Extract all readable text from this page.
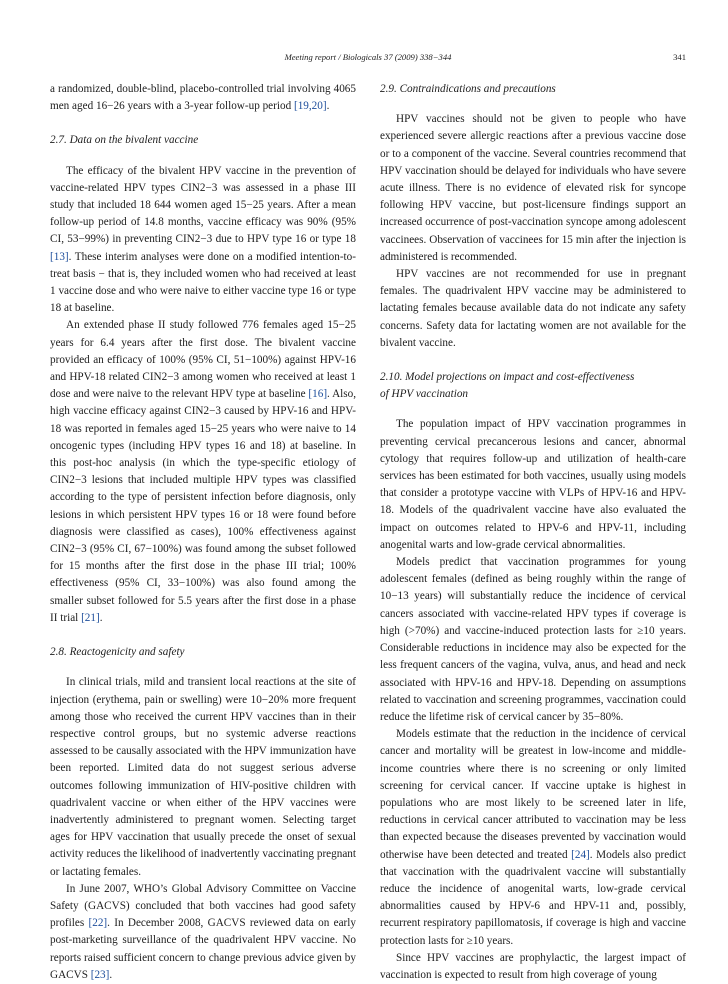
Meeting report / Biologicals 37 (2009) 338−344	341

a randomized, double-blind, placebo-controlled trial involving 4065 men aged 16−26 years with a 3-year follow-up period [19,20].

2.7. Data on the bivalent vaccine

The efficacy of the bivalent HPV vaccine in the prevention of vaccine-related HPV types CIN2−3 was assessed in a phase III study that included 18 644 women aged 15−25 years. After a mean follow-up period of 14.8 months, vaccine efficacy was 90% (95% CI, 53−99%) in preventing CIN2−3 due to HPV type 16 or type 18 [13]. These interim analyses were done on a modified intention-to-treat basis − that is, they included women who had received at least 1 vaccine dose and who were naive to either vaccine type 16 or type 18 at baseline.

An extended phase II study followed 776 females aged 15−25 years for 6.4 years after the first dose. The bivalent vaccine provided an efficacy of 100% (95% CI, 51−100%) against HPV-16 and HPV-18 related CIN2−3 among women who received at least 1 dose and were naive to the relevant HPV type at baseline [16]. Also, high vaccine efficacy against CIN2−3 caused by HPV-16 and HPV-18 was reported in females aged 15−25 years who were naive to 14 oncogenic types (including HPV types 16 and 18) at baseline. In this post-hoc analysis (in which the type-specific etiology of CIN2−3 lesions that included multiple HPV types was classified according to the type of persistent infection before diagnosis, only lesions in which persistent HPV types 16 or 18 were found before diagnosis were classified as cases), 100% effectiveness against CIN2−3 (95% CI, 67−100%) was found among the subset followed for 15 months after the first dose in the phase III trial; 100% effectiveness (95% CI, 33−100%) was also found among the smaller subset followed for 5.5 years after the first dose in a phase II trial [21].

2.8. Reactogenicity and safety

In clinical trials, mild and transient local reactions at the site of injection (erythema, pain or swelling) were 10−20% more frequent among those who received the current HPV vaccines than in their respective control groups, but no systemic adverse reactions assessed to be causally associated with the HPV immunization have been reported. Limited data do not suggest serious adverse outcomes following immunization of HIV-positive children with quadrivalent vaccine or when either of the HPV vaccines were inadvertently administered to pregnant women. Selecting target ages for HPV vaccination that usually precede the onset of sexual activity reduces the likelihood of inadvertently vaccinating pregnant or lactating females.

In June 2007, WHO’s Global Advisory Committee on Vaccine Safety (GACVS) concluded that both vaccines had good safety profiles [22]. In December 2008, GACVS reviewed data on early post-marketing surveillance of the quadrivalent HPV vaccine. No reports raised sufficient concern to change previous advice given by GACVS [23].

2.9. Contraindications and precautions

HPV vaccines should not be given to people who have experienced severe allergic reactions after a previous vaccine dose or to a component of the vaccine. Several countries recommend that HPV vaccination should be delayed for individuals who have severe acute illness. There is no evidence of elevated risk for syncope following HPV vaccine, but post-licensure findings support an increased occurrence of post-vaccination syncope among adolescent vaccinees. Observation of vaccinees for 15 min after the injection is administered is recommended.

HPV vaccines are not recommended for use in pregnant females. The quadrivalent HPV vaccine may be administered to lactating females because available data do not indicate any safety concerns. Safety data for lactating women are not available for the bivalent vaccine.

2.10. Model projections on impact and cost-effectiveness
of HPV vaccination

The population impact of HPV vaccination programmes in preventing cervical precancerous lesions and cancer, abnormal cytology that requires follow-up and utilization of health-care services has been estimated for both vaccines, usually using models that consider a prototype vaccine with VLPs of HPV-16 and HPV-18. Models of the quadrivalent vaccine have also evaluated the impact on outcomes related to HPV-6 and HPV-11, including anogenital warts and low-grade cervical abnormalities.

Models predict that vaccination programmes for young adolescent females (defined as being roughly within the range of 10−13 years) will substantially reduce the incidence of cervical cancers associated with vaccine-related HPV types if coverage is high (>70%) and vaccine-induced protection lasts for ≥10 years. Considerable reductions in incidence may also be expected for the less frequent cancers of the vagina, vulva, anus, and head and neck associated with HPV-16 and HPV-18. Depending on assumptions related to vaccination and screening programmes, vaccination could reduce the lifetime risk of cervical cancer by 35−80%.

Models estimate that the reduction in the incidence of cervical cancer and mortality will be greatest in low-income and middle-income countries where there is no screening or only limited screening for cervical cancer. If vaccine uptake is highest in populations who are most likely to be screened later in life, reductions in cervical cancer attributed to vaccination may be less than expected because the diseases prevented by vaccination would otherwise have been detected and treated [24]. Models also predict that vaccination with the quadrivalent vaccine will substantially reduce the incidence of anogenital warts, low-grade cervical abnormalities caused by HPV-6 and HPV-11 and, possibly, recurrent respiratory papillomatosis, if coverage is high and vaccine protection lasts for ≥10 years.

Since HPV vaccines are prophylactic, the largest impact of vaccination is expected to result from high coverage of young
